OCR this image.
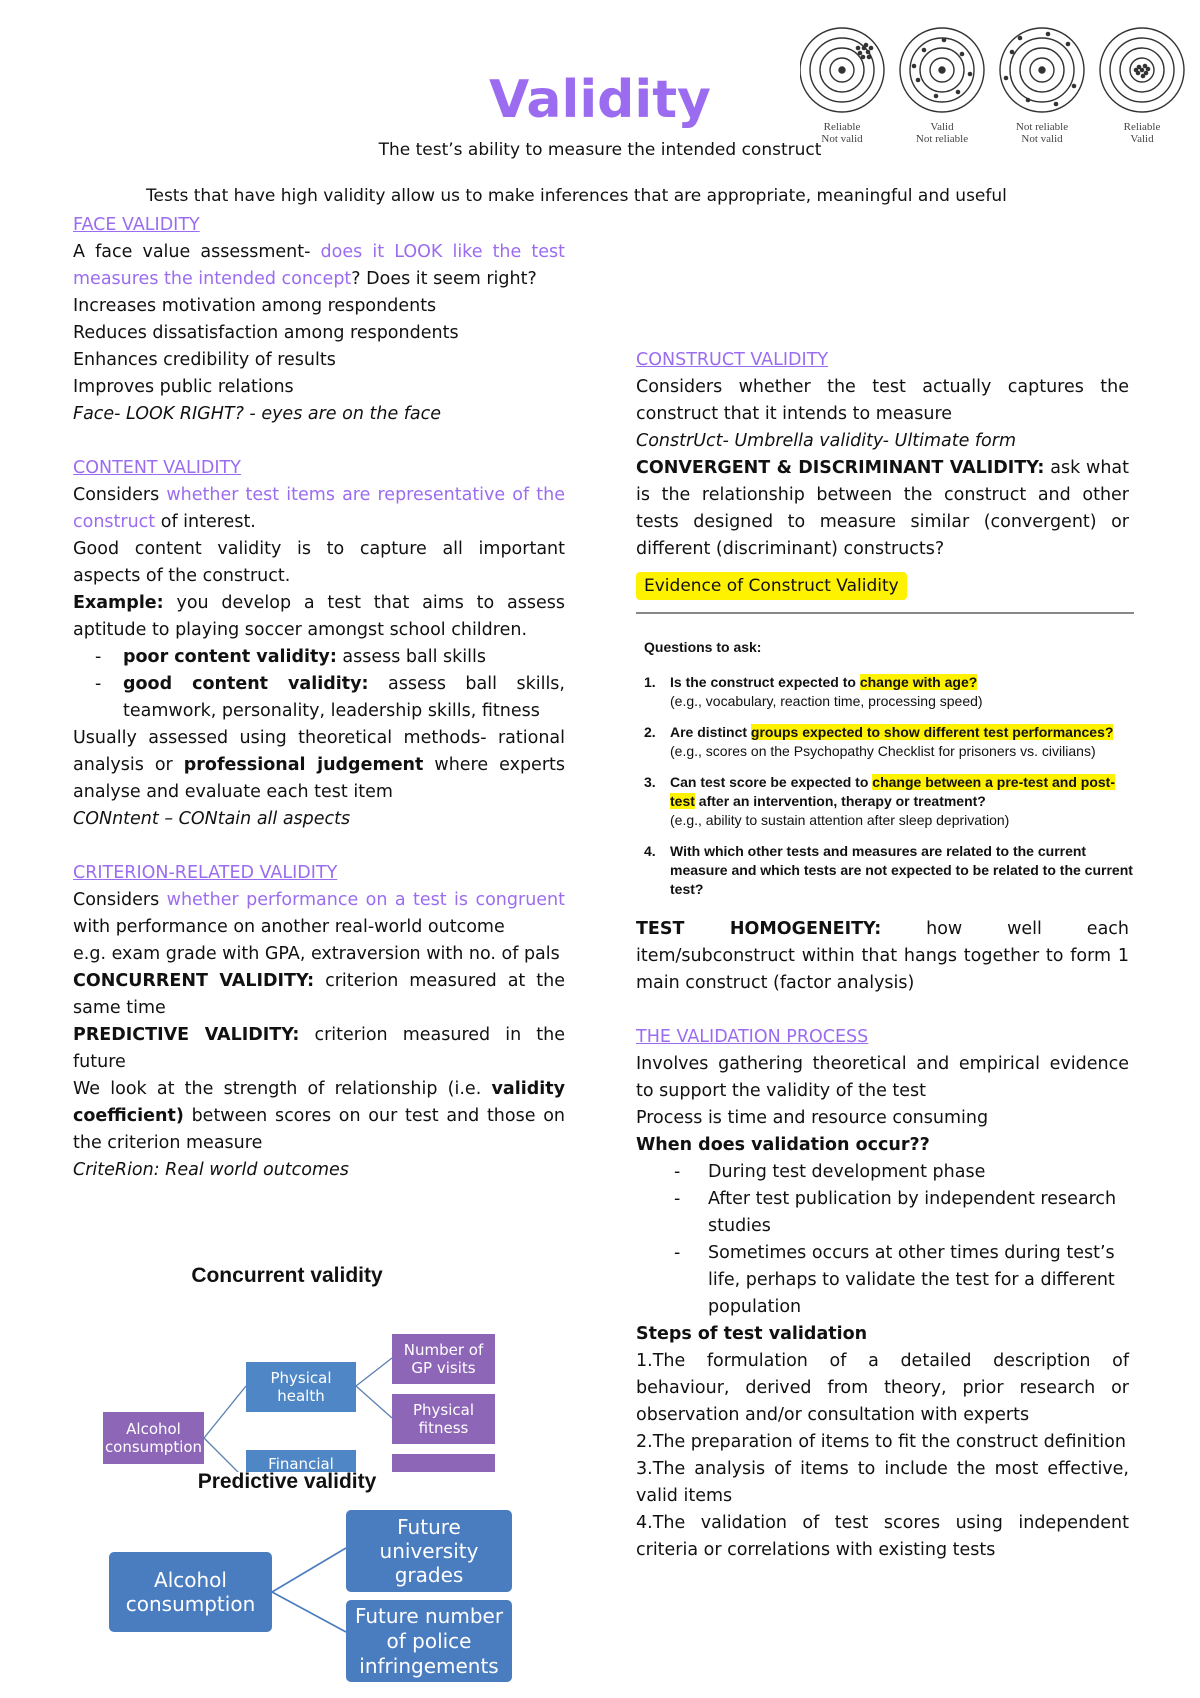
Validity
The test’s ability to measure the intended construct
Tests that have high validity allow us to make inferences that are appropriate, meaningful and useful
Reliable
Not valid
Valid
Not reliable
Not reliable
Not valid
Reliable
Valid

FACE VALIDITY

A face value assessment- does it LOOK like the test measures the intended concept? Does it seem right?

Increases motivation among respondents

Reduces dissatisfaction among respondents

Enhances credibility of results

Improves public relations

Face- LOOK RIGHT? - eyes are on the face

CONTENT VALIDITY

Considers whether test items are representative of the construct of interest.

Good content validity is to capture all important aspects of the construct.

Example: you develop a test that aims to assess aptitude to playing soccer amongst school children.

-	poor content validity: assess ball skills
-	good content validity: assess ball skills, teamwork, personality, leadership skills, fitness

Usually assessed using theoretical methods- rational analysis or professional judgement where experts analyse and evaluate each test item

CONntent – CONtain all aspects

CRITERION-RELATED VALIDITY

Considers whether performance on a test is congruent with performance on another real-world outcome

e.g. exam grade with GPA, extraversion with no. of pals

CONCURRENT VALIDITY: criterion measured at the same time

PREDICTIVE VALIDITY: criterion measured in the future

We look at the strength of relationship (i.e. validity coefficient) between scores on our test and those on the criterion measure

CriteRion: Real world outcomes

Concurrent validity
Alcohol consumption
Physical health
Financial
Number of GP visits
Physical fitness
Predictive validity
Alcohol consumption
Future university grades
Future number of police infringements

CONSTRUCT VALIDITY

Considers whether the test actually captures the construct that it intends to measure

ConstrUct- Umbrella validity- Ultimate form

CONVERGENT & DISCRIMINANT VALIDITY: ask what is the relationship between the construct and other tests designed to measure similar (convergent) or different (discriminant) constructs?

Evidence of Construct Validity
Questions to ask:
1.	Is the construct expected to change with age?
(e.g., vocabulary, reaction time, processing speed)
2.	Are distinct groups expected to show different test performances?
(e.g., scores on the Psychopathy Checklist for prisoners vs. civilians)
3.	Can test score be expected to change between a pre-test and post-test after an intervention, therapy or treatment?
(e.g., ability to sustain attention after sleep deprivation)
4.	With which other tests and measures are related to the current measure and which tests are not expected to be related to the current test?

TEST HOMOGENEITY: how well each item/subconstruct within that hangs together to form 1 main construct (factor analysis)

THE VALIDATION PROCESS

Involves gathering theoretical and empirical evidence to support the validity of the test

Process is time and resource consuming

When does validation occur??

-	During test development phase
-	After test publication by independent research studies
-	Sometimes occurs at other times during test’s life, perhaps to validate the test for a different population

Steps of test validation

1.The formulation of a detailed description of behaviour, derived from theory, prior research or observation and/or consultation with experts

2.The preparation of items to fit the construct definition

3.The analysis of items to include the most effective, valid items

4.The validation of test scores using independent criteria or correlations with existing tests
